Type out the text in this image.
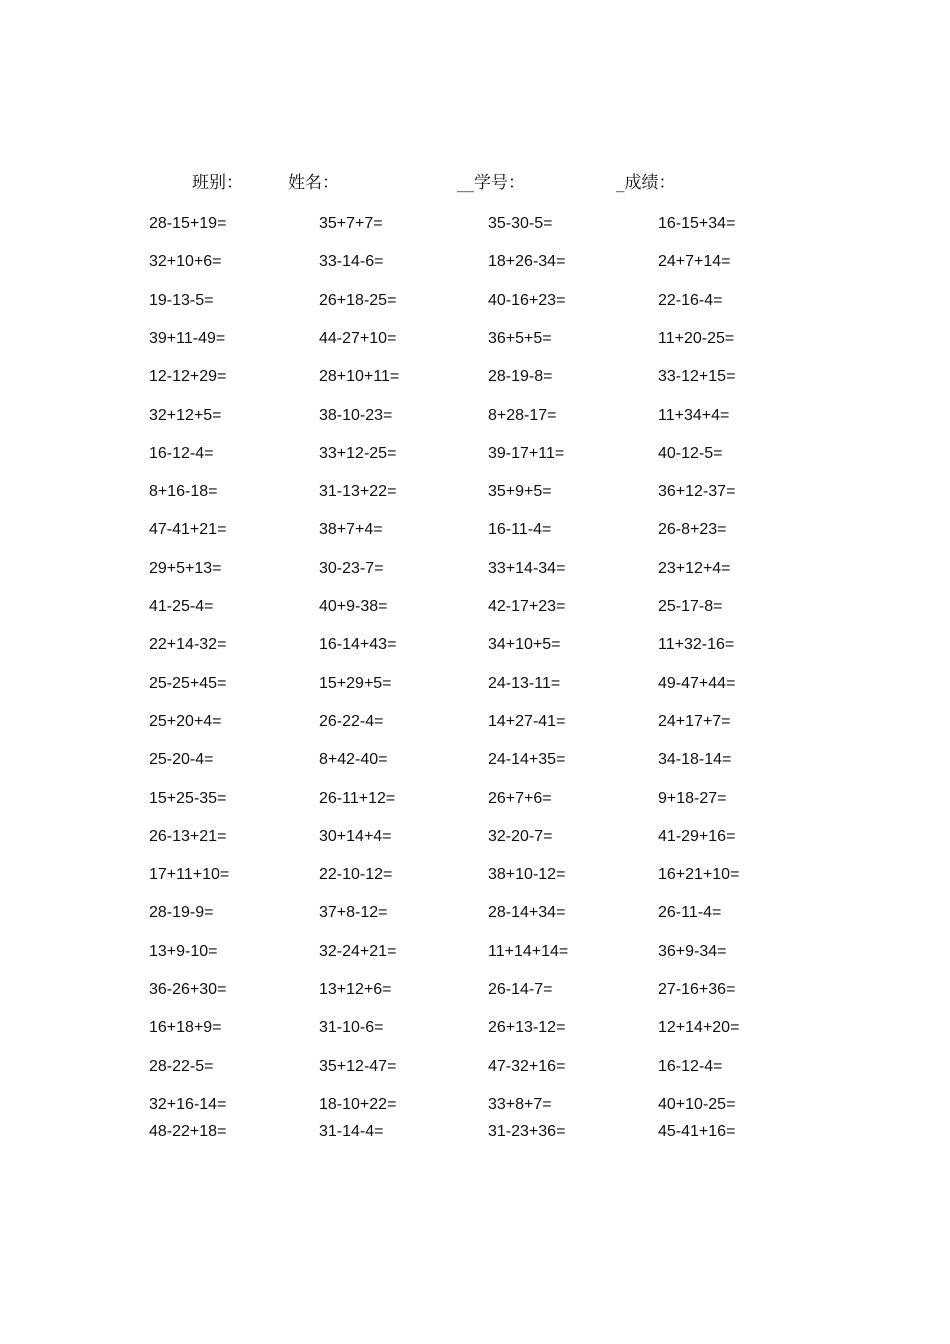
班别：	姓名：	__学号：	_成绩：
28-15+19=	35+7+7=	35-30-5=	16-15+34=
32+10+6=	33-14-6=	18+26-34=	24+7+14=
19-13-5=	26+18-25=	40-16+23=	22-16-4=
39+11-49=	44-27+10=	36+5+5=	11+20-25=
12-12+29=	28+10+11=	28-19-8=	33-12+15=
32+12+5=	38-10-23=	8+28-17=	11+34+4=
16-12-4=	33+12-25=	39-17+11=	40-12-5=
8+16-18=	31-13+22=	35+9+5=	36+12-37=
47-41+21=	38+7+4=	16-11-4=	26-8+23=
29+5+13=	30-23-7=	33+14-34=	23+12+4=
41-25-4=	40+9-38=	42-17+23=	25-17-8=
22+14-32=	16-14+43=	34+10+5=	11+32-16=
25-25+45=	15+29+5=	24-13-11=	49-47+44=
25+20+4=	26-22-4=	14+27-41=	24+17+7=
25-20-4=	8+42-40=	24-14+35=	34-18-14=
15+25-35=	26-11+12=	26+7+6=	9+18-27=
26-13+21=	30+14+4=	32-20-7=	41-29+16=
17+11+10=	22-10-12=	38+10-12=	16+21+10=
28-19-9=	37+8-12=	28-14+34=	26-11-4=
13+9-10=	32-24+21=	11+14+14=	36+9-34=
36-26+30=	13+12+6=	26-14-7=	27-16+36=
16+18+9=	31-10-6=	26+13-12=	12+14+20=
28-22-5=	35+12-47=	47-32+16=	16-12-4=
32+16-14=	18-10+22=	33+8+7=	40+10-25=
48-22+18=	31-14-4=	31-23+36=	45-41+16=
